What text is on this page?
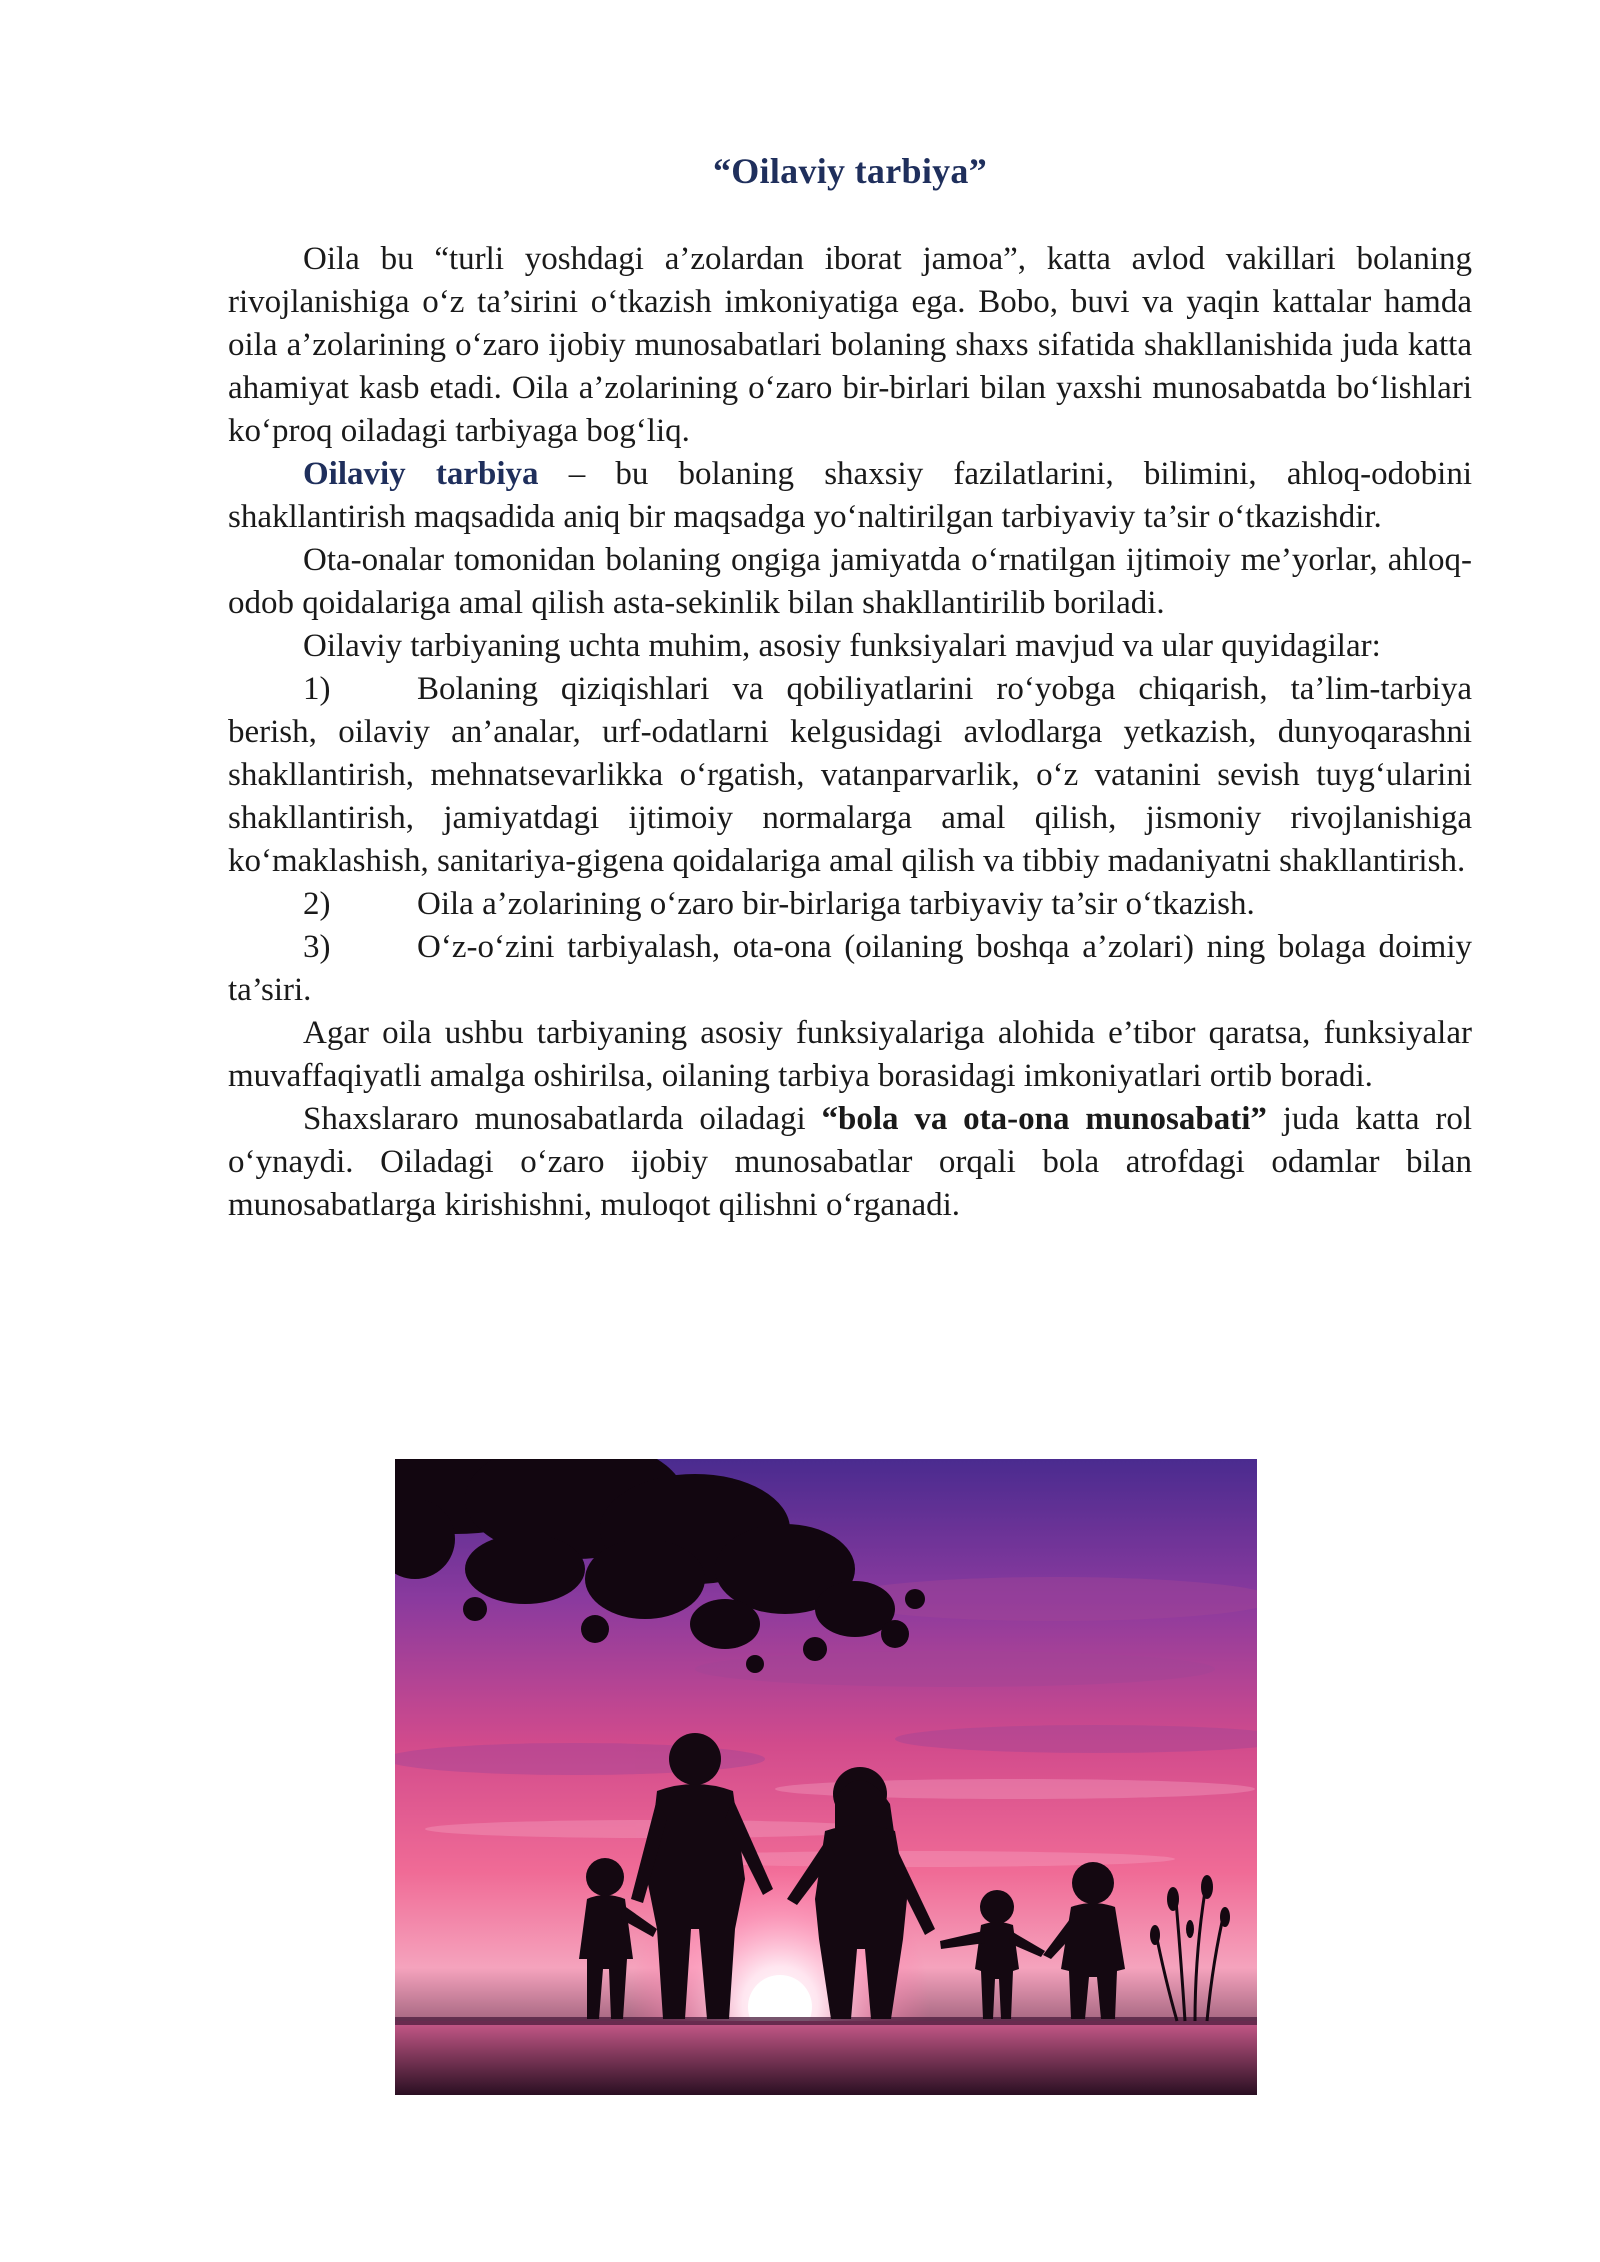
“Oilaviy tarbiya”

Oila bu “turli yoshdagi a’zolardan iborat jamoa”, katta avlod vakillari bolaning rivojlanishiga o‘z ta’sirini o‘tkazish imkoniyatiga ega. Bobo, buvi va yaqin kattalar hamda oila a’zolarining o‘zaro ijobiy munosabatlari bolaning shaxs sifatida shakllanishida juda katta ahamiyat kasb etadi. Oila a’zolarining o‘zaro bir-birlari bilan yaxshi munosabatda bo‘lishlari ko‘proq oiladagi tarbiyaga bog‘liq.

Oilaviy tarbiya – bu bolaning shaxsiy fazilatlarini, bilimini, ahloq-odobini shakllantirish maqsadida aniq bir maqsadga yo‘naltirilgan tarbiyaviy ta’sir o‘tkazishdir.

Ota-onalar tomonidan bolaning ongiga jamiyatda o‘rnatilgan ijtimoiy me’yorlar, ahloq-odob qoidalariga amal qilish asta-sekinlik bilan shakllantirilib boriladi.

Oilaviy tarbiyaning uchta muhim, asosiy funksiyalari mavjud va ular quyidagilar:

1)	Bolaning qiziqishlari va qobiliyatlarini ro‘yobga chiqarish, ta’lim-tarbiya berish, oilaviy an’analar, urf-odatlarni kelgusidagi avlodlarga yetkazish, dunyoqarashni shakllantirish, mehnatsevarlikka o‘rgatish, vatanparvarlik, o‘z vatanini sevish tuyg‘ularini shakllantirish, jamiyatdagi ijtimoiy normalarga amal qilish, jismoniy rivojlanishiga ko‘maklashish, sanitariya-gigena qoidalariga amal qilish va tibbiy madaniyatni shakllantirish.

2)	Oila a’zolarining o‘zaro bir-birlariga tarbiyaviy ta’sir o‘tkazish.

3)	O‘z-o‘zini tarbiyalash, ota-ona (oilaning boshqa a’zolari) ning bolaga doimiy ta’siri.

Agar oila ushbu tarbiyaning asosiy funksiyalariga alohida e’tibor qaratsa, funksiyalar muvaffaqiyatli amalga oshirilsa, oilaning tarbiya borasidagi imkoniyatlari ortib boradi.

Shaxslararo munosabatlarda oiladagi “bola va ota-ona munosabati” juda katta rol o‘ynaydi. Oiladagi o‘zaro ijobiy munosabatlar orqali bola atrofdagi odamlar bilan munosabatlarga kirishishni, muloqot qilishni o‘rganadi.
